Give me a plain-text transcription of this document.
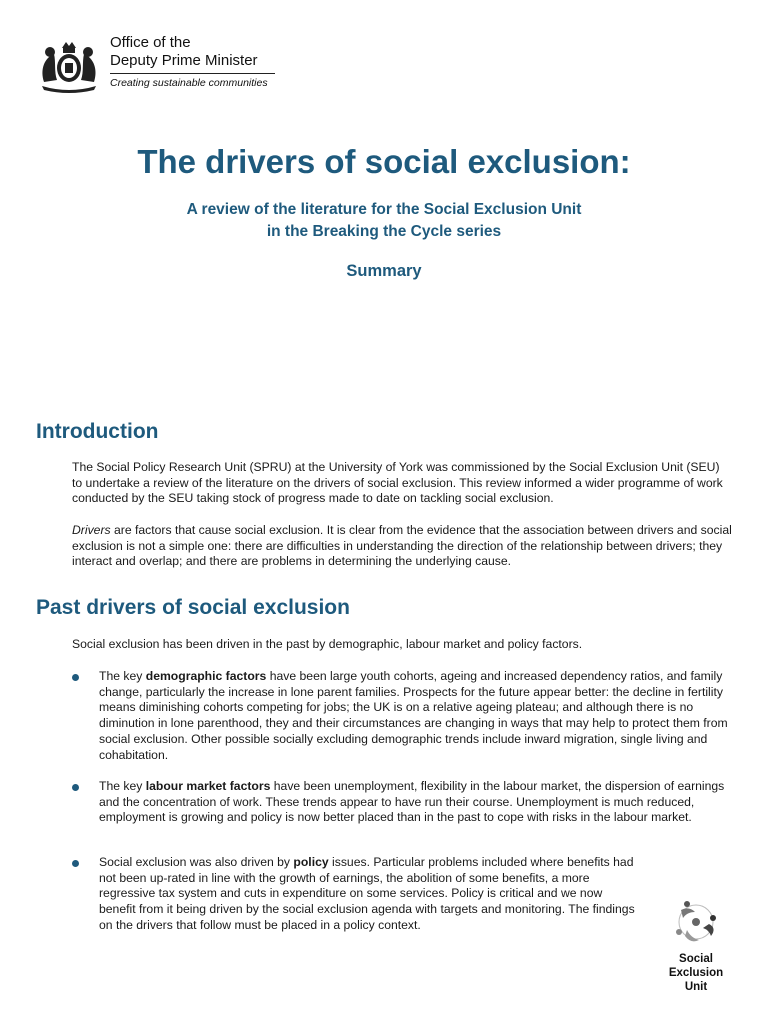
Office of the
Deputy Prime Minister
Creating sustainable communities
The drivers of social exclusion:
A review of the literature for the Social Exclusion Unit
in the Breaking the Cycle series
Summary
Introduction
The Social Policy Research Unit (SPRU) at the University of York was commissioned by the Social Exclusion Unit (SEU) to undertake a review of the literature on the drivers of social exclusion. This review informed a wider programme of work conducted by the SEU taking stock of progress made to date on tackling social exclusion.
Drivers are factors that cause social exclusion. It is clear from the evidence that the association between drivers and social exclusion is not a simple one: there are difficulties in understanding the direction of the relationship between drivers; they interact and overlap; and there are problems in determining the underlying cause.
Past drivers of social exclusion
Social exclusion has been driven in the past by demographic, labour market and policy factors.
The key demographic factors have been large youth cohorts, ageing and increased dependency ratios, and family change, particularly the increase in lone parent families. Prospects for the future appear better: the decline in fertility means diminishing cohorts competing for jobs; the UK is on a relative ageing plateau; and although there is no diminution in lone parenthood, they and their circumstances are changing in ways that may help to protect them from social exclusion. Other possible socially excluding demographic trends include inward migration, single living and cohabitation.
The key labour market factors have been unemployment, flexibility in the labour market, the dispersion of earnings and the concentration of work. These trends appear to have run their course. Unemployment is much reduced, employment is growing and policy is now better placed than in the past to cope with risks in the labour market.
Social exclusion was also driven by policy issues. Particular problems included where benefits had not been up-rated in line with the growth of earnings, the abolition of some benefits, a more regressive tax system and cuts in expenditure on some services. Policy is critical and we now benefit from it being driven by the social exclusion agenda with targets and monitoring. The findings on the drivers that follow must be placed in a policy context.
Social
Exclusion
Unit
